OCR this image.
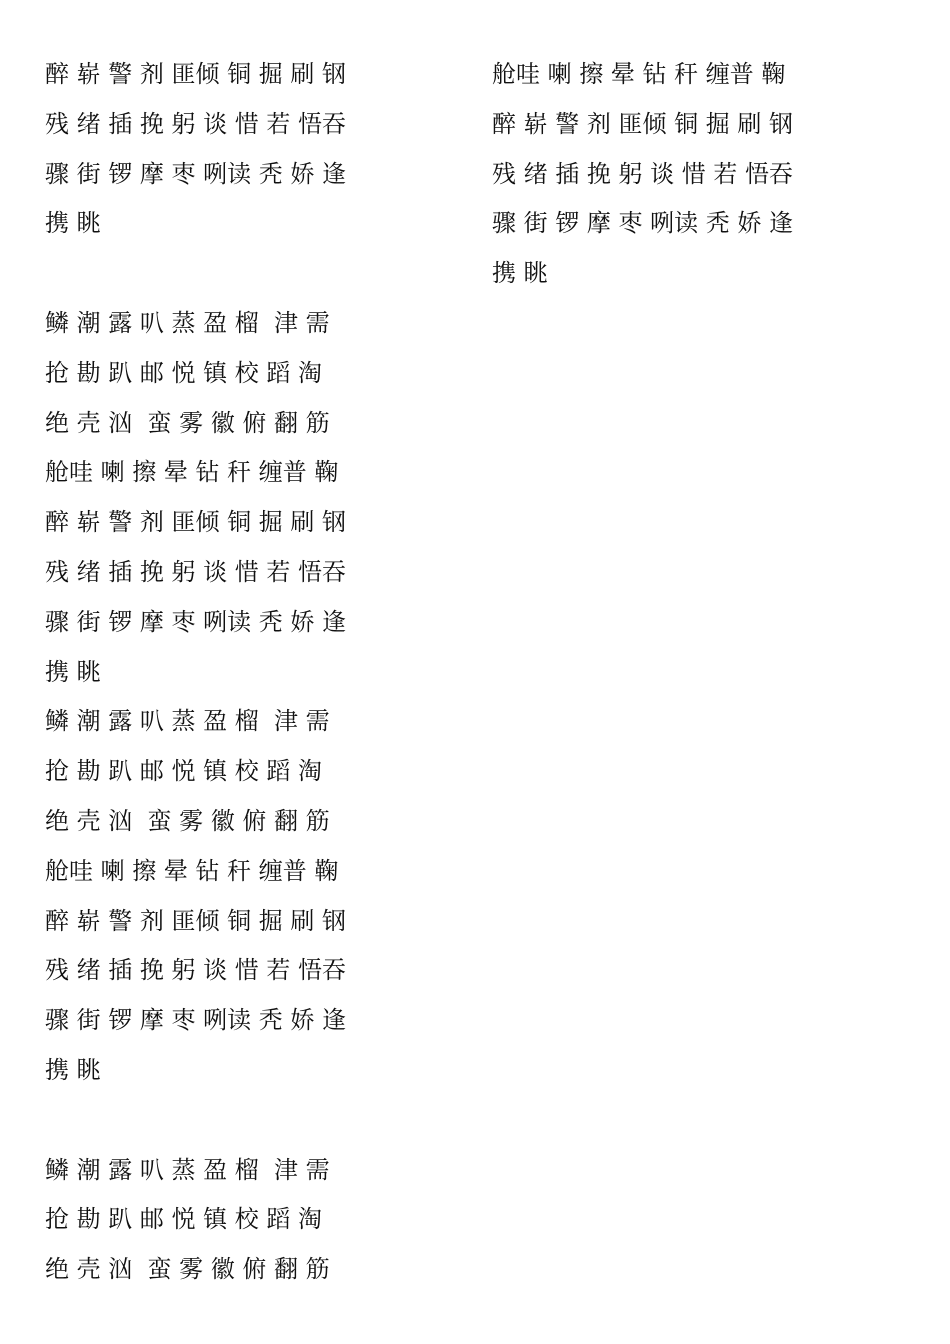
醉 崭 警 剂 匪倾 铜 掘 刷 钢
残 绪 插 挽 躬 谈 惜 若 悟吞
骤 街 锣 摩 枣 咧读 秃 娇 逢
携 眺
鳞 潮 露 叭 蒸 盈 榴  津 需
抢 勘 趴 邮 悦 镇 校 蹈 淘
绝 壳 汹  蛮 雾 徽 俯 翻 筋
舱哇 喇 擦 晕 钻 秆 缠普 鞠
醉 崭 警 剂 匪倾 铜 掘 刷 钢
残 绪 插 挽 躬 谈 惜 若 悟吞
骤 街 锣 摩 枣 咧读 秃 娇 逢
携 眺
鳞 潮 露 叭 蒸 盈 榴  津 需
抢 勘 趴 邮 悦 镇 校 蹈 淘
绝 壳 汹  蛮 雾 徽 俯 翻 筋
舱哇 喇 擦 晕 钻 秆 缠普 鞠
醉 崭 警 剂 匪倾 铜 掘 刷 钢
残 绪 插 挽 躬 谈 惜 若 悟吞
骤 街 锣 摩 枣 咧读 秃 娇 逢
携 眺
鳞 潮 露 叭 蒸 盈 榴  津 需
抢 勘 趴 邮 悦 镇 校 蹈 淘
绝 壳 汹  蛮 雾 徽 俯 翻 筋
舱哇 喇 擦 晕 钻 秆 缠普 鞠
醉 崭 警 剂 匪倾 铜 掘 刷 钢
残 绪 插 挽 躬 谈 惜 若 悟吞
骤 街 锣 摩 枣 咧读 秃 娇 逢
携 眺
